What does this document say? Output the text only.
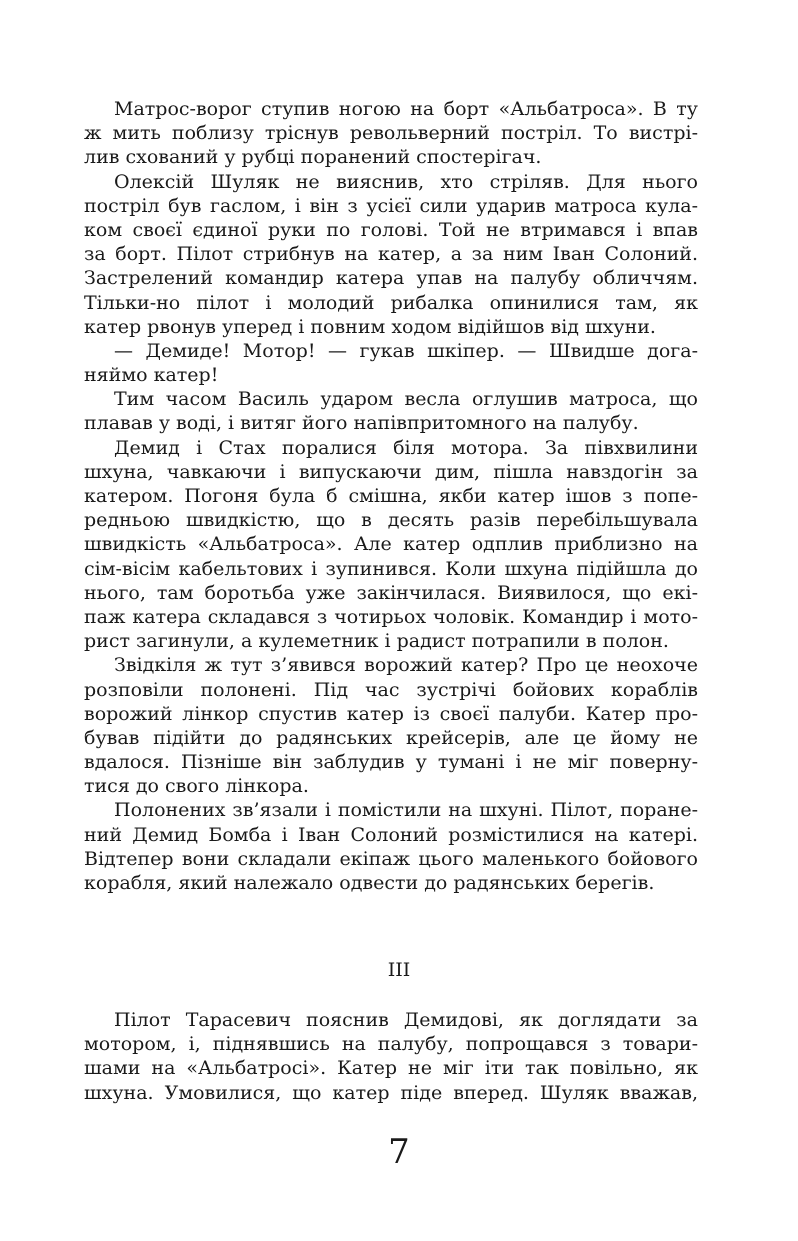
Матрос-ворог ступив ногою на борт «Альбатроса». В ту
ж мить поблизу тріснув револьверний постріл. То вистрі-
лив схований у рубці поранений спостерігач.
Олексій Шуляк не вияснив, хто стріляв. Для нього
постріл був гаслом, і він з усієї сили ударив матроса кула-
ком своєї єдиної руки по голові. Той не втримався і впав
за борт. Пілот стрибнув на катер, а за ним Іван Солоний.
Застрелений командир катера упав на палубу обличчям.
Тільки-но пілот і молодий рибалка опинилися там, як
катер рвонув уперед і повним ходом відійшов від шхуни.
— Демиде! Мотор! — гукав шкіпер. — Швидше дога-
няймо катер!
Тим часом Василь ударом весла оглушив матроса, що
плавав у воді, і витяг його напівпритомного на палубу.
Демид і Стах поралися біля мотора. За півхвилини
шхуна, чавкаючи і випускаючи дим, пішла навздогін за
катером. Погоня була б смішна, якби катер ішов з попе-
редньою швидкістю, що в десять разів перебільшувала
швидкість «Альбатроса». Але катер одплив приблизно на
сім-вісім кабельтових і зупинився. Коли шхуна підійшла до
нього, там боротьба уже закінчилася. Виявилося, що екі-
паж катера складався з чотирьох чоловік. Командир і мото-
рист загинули, а кулеметник і радист потрапили в полон.
Звідкіля ж тут з’явився ворожий катер? Про це неохоче
розповіли полонені. Під час зустрічі бойових кораблів
ворожий лінкор спустив катер із своєї палуби. Катер про-
бував підійти до радянських крейсерів, але це йому не
вдалося. Пізніше він заблудив у тумані і не міг поверну-
тися до свого лінкора.
Полонених зв’язали і помістили на шхуні. Пілот, поране-
ний Демид Бомба і Іван Солоний розмістилися на катері.
Відтепер вони складали екіпаж цього маленького бойового
корабля, який належало одвести до радянських берегів.
III
Пілот Тарасевич пояснив Демидові, як доглядати за
мотором, і, піднявшись на палубу, попрощався з товари-
шами на «Альбатросі». Катер не міг іти так повільно, як
шхуна. Умовилися, що катер піде вперед. Шуляк вважав,
7
